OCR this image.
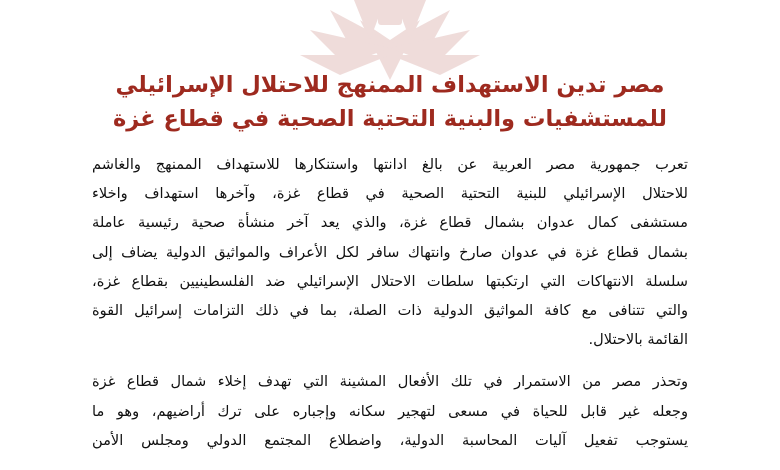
مصر تدين الاستهداف الممنهج للاحتلال الإسرائيلي
للمستشفيات والبنية التحتية الصحية في قطاع غزة
تعرب جمهورية مصر العربية عن بالغ ادانتها واستنكارها للاستهداف الممنهج والغاشم
للاحتلال الإسرائيلي للبنية التحتية الصحية في قطاع غزة، وآخرها استهداف واخلاء
مستشفى كمال عدوان بشمال قطاع غزة، والذي يعد آخر منشأة صحية رئيسية عاملة
بشمال قطاع غزة في عدوان صارخ وانتهاك سافر لكل الأعراف والمواثيق الدولية يضاف إلى
سلسلة الانتهاكات التي ارتكبتها سلطات الاحتلال الإسرائيلي ضد الفلسطينيين بقطاع غزة،
والتي تتنافى مع كافة المواثيق الدولية ذات الصلة، بما في ذلك التزامات إسرائيل القوة
القائمة بالاحتلال.
وتحذر مصر من الاستمرار في تلك الأفعال المشينة التي تهدف إخلاء شمال قطاع غزة
وجعله غير قابل للحياة في مسعى لتهجير سكانه وإجباره على ترك أراضيهم، وهو ما
يستوجب تفعيل آليات المحاسبة الدولية، واضطلاع المجتمع الدولي ومجلس الأمن
